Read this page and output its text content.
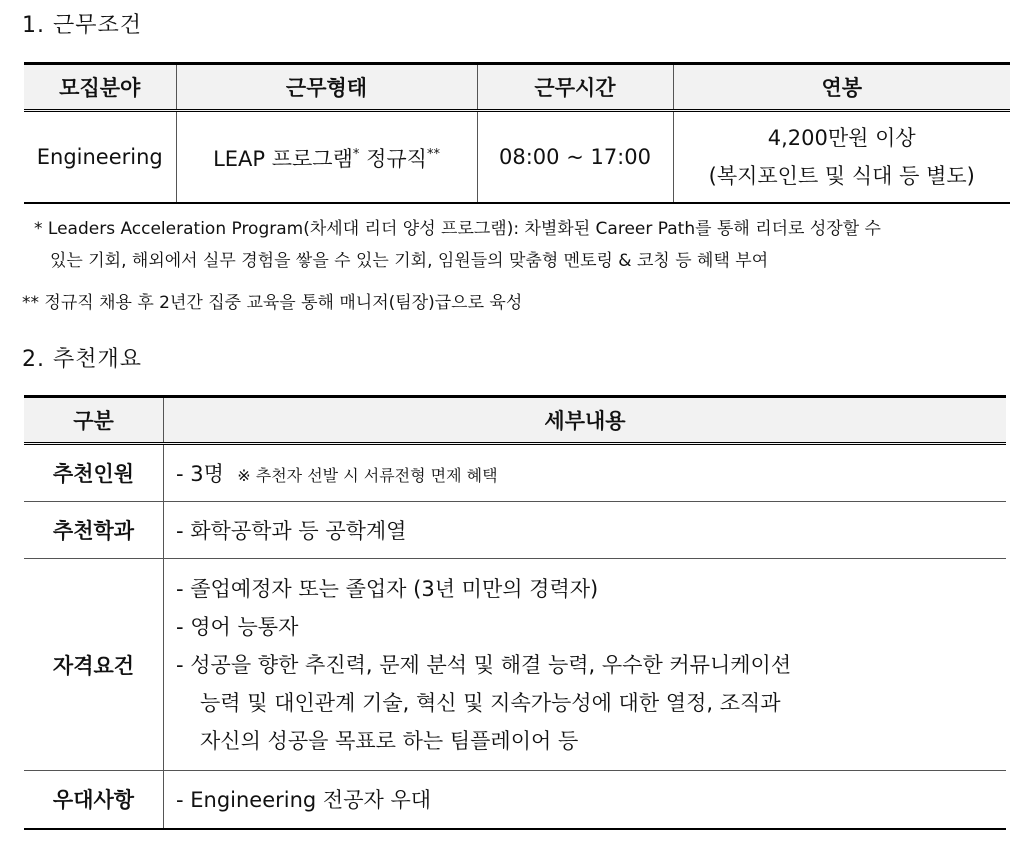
1. 근무조건
모집분야	근무형태	근무시간	연봉
Engineering	LEAP 프로그램* 정규직**	08:00 ~ 17:00	4,200만원 이상
(복지포인트 및 식대 등 별도)
* Leaders Acceleration Program(차세대 리더 양성 프로그램): 차별화된 Career Path를 통해 리더로 성장할 수
있는 기회, 해외에서 실무 경험을 쌓을 수 있는 기회, 임원들의 맞춤형 멘토링 & 코칭 등 혜택 부여
** 정규직 채용 후 2년간 집중 교육을 통해 매니저(팀장)급으로 육성
2. 추천개요
구분	세부내용
추천인원	- 3명 ※ 추천자 선발 시 서류전형 면제 혜택
추천학과	- 화학공학과 등 공학계열
자격요건	- 졸업예정자 또는 졸업자 (3년 미만의 경력자)
- 영어 능통자
- 성공을 향한 추진력, 문제 분석 및 해결 능력, 우수한 커뮤니케이션
능력 및 대인관계 기술, 혁신 및 지속가능성에 대한 열정, 조직과
자신의 성공을 목표로 하는 팀플레이어 등

우대사항	- Engineering 전공자 우대
